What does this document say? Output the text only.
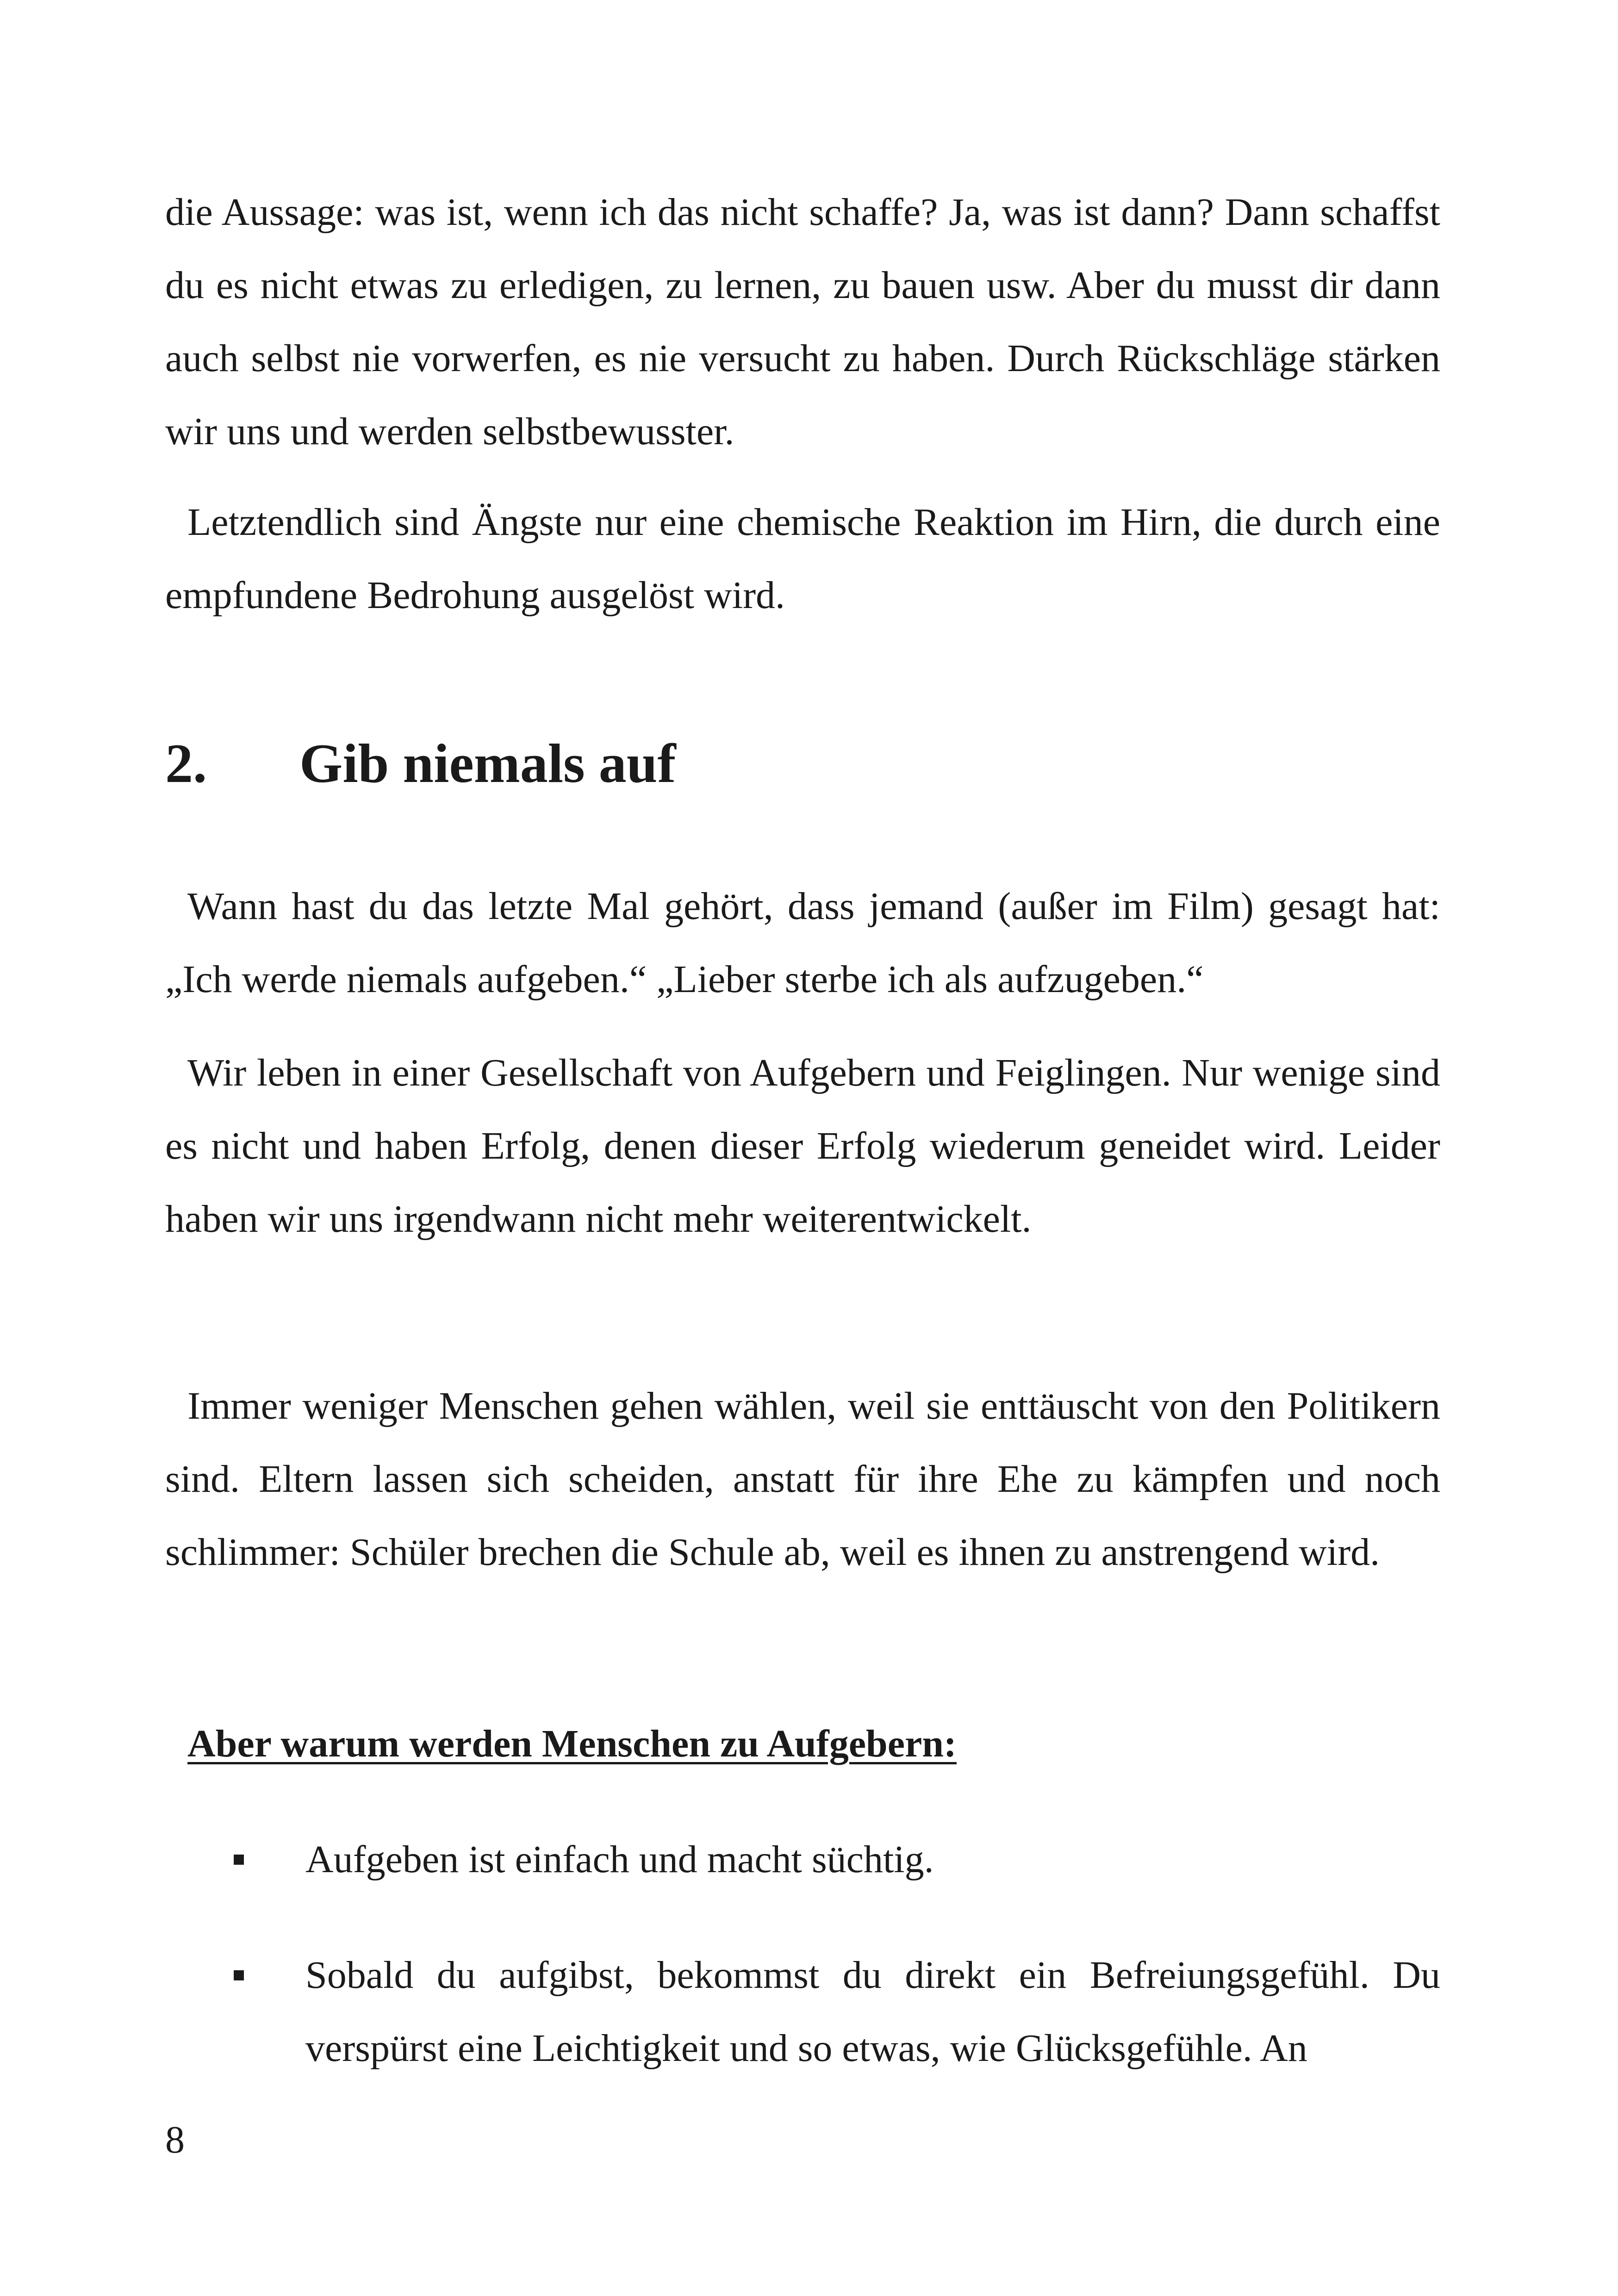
die Aussage: was ist, wenn ich das nicht schaffe? Ja, was ist dann? Dann schaffst du es nicht etwas zu erledigen, zu lernen, zu bauen usw. Aber du musst dir dann auch selbst nie vorwerfen, es nie versucht zu haben. Durch Rückschläge stärken wir uns und werden selbstbewusster.

Letztendlich sind Ängste nur eine chemische Reaktion im Hirn, die durch eine empfundene Bedrohung ausgelöst wird.

2. Gib niemals auf

Wann hast du das letzte Mal gehört, dass jemand (außer im Film) gesagt hat: „Ich werde niemals aufgeben.“ „Lieber sterbe ich als aufzugeben.“

Wir leben in einer Gesellschaft von Aufgebern und Feiglingen. Nur wenige sind es nicht und haben Erfolg, denen dieser Erfolg wiederum geneidet wird. Leider haben wir uns irgendwann nicht mehr weiterentwickelt.

Immer weniger Menschen gehen wählen, weil sie enttäuscht von den Politikern sind. Eltern lassen sich scheiden, anstatt für ihre Ehe zu kämpfen und noch schlimmer: Schüler brechen die Schule ab, weil es ihnen zu anstrengend wird.

Aber warum werden Menschen zu Aufgebern:

Aufgeben ist einfach und macht süchtig.
Sobald du aufgibst, bekommst du direkt ein Befreiungsgefühl. Du verspürst eine Leichtigkeit und so etwas, wie Glücksgefühle. An

8
